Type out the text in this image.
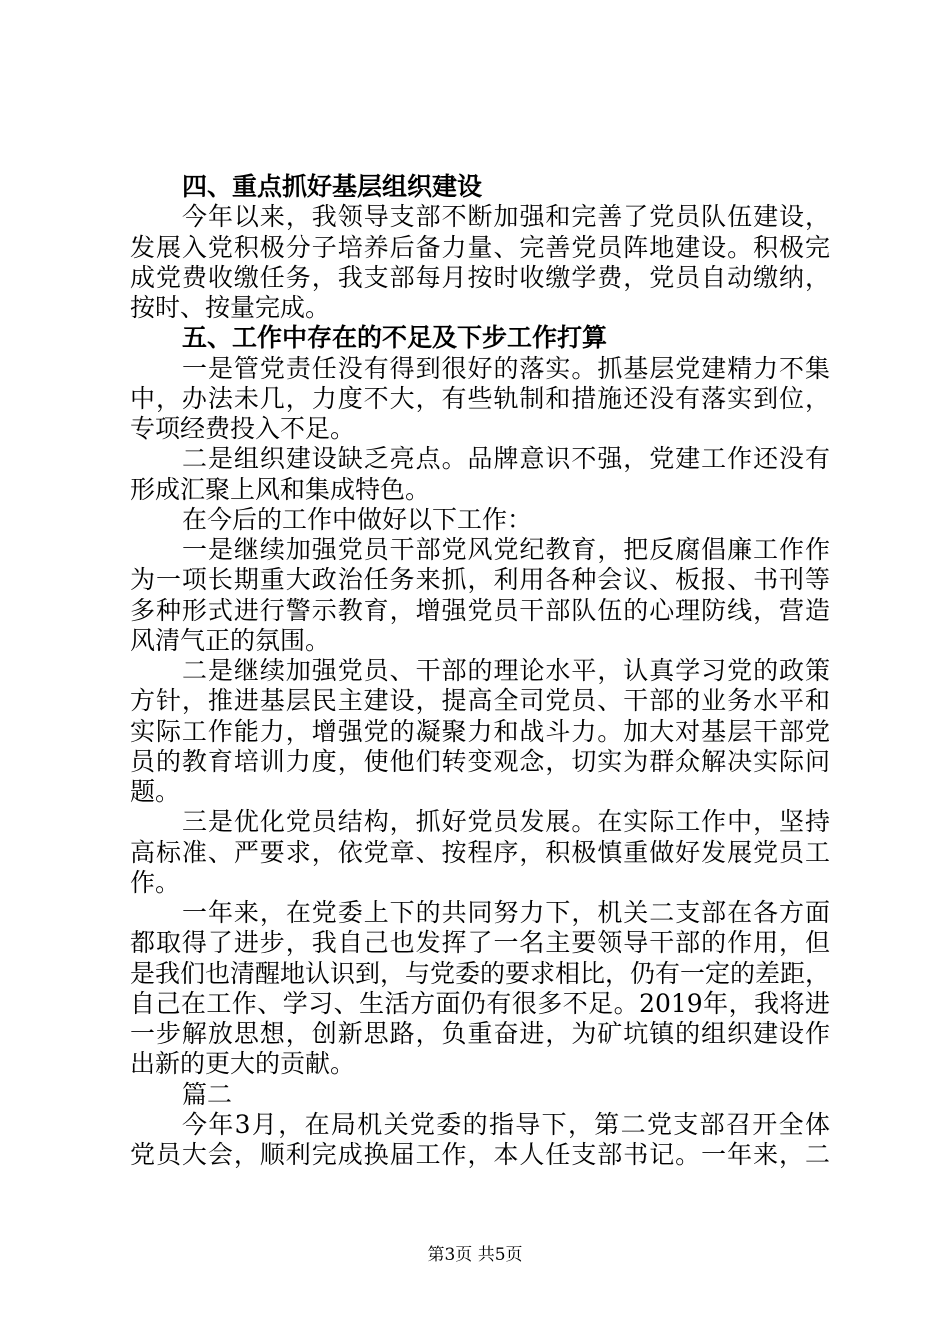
四、重点抓好基层组织建设
今年以来，我领导支部不断加强和完善了党员队伍建设，
发展入党积极分子培养后备力量、完善党员阵地建设。积极完
成党费收缴任务，我支部每月按时收缴学费，党员自动缴纳，
按时、按量完成。
五、工作中存在的不足及下步工作打算
一是管党责任没有得到很好的落实。抓基层党建精力不集
中，办法未几，力度不大，有些轨制和措施还没有落实到位，
专项经费投入不足。
二是组织建设缺乏亮点。品牌意识不强，党建工作还没有
形成汇聚上风和集成特色。
在今后的工作中做好以下工作：
一是继续加强党员干部党风党纪教育，把反腐倡廉工作作
为一项长期重大政治任务来抓，利用各种会议、板报、书刊等
多种形式进行警示教育，增强党员干部队伍的心理防线，营造
风清气正的氛围。
二是继续加强党员、干部的理论水平，认真学习党的政策
方针，推进基层民主建设，提高全司党员、干部的业务水平和
实际工作能力，增强党的凝聚力和战斗力。加大对基层干部党
员的教育培训力度，使他们转变观念，切实为群众解决实际问
题。
三是优化党员结构，抓好党员发展。在实际工作中，坚持
高标准、严要求，依党章、按程序，积极慎重做好发展党员工
作。
一年来，在党委上下的共同努力下，机关二支部在各方面
都取得了进步，我自己也发挥了一名主要领导干部的作用，但
是我们也清醒地认识到，与党委的要求相比，仍有一定的差距，
自己在工作、学习、生活方面仍有很多不足。2019年，我将进
一步解放思想，创新思路，负重奋进，为矿坑镇的组织建设作
出新的更大的贡献。
篇二
今年3月，在局机关党委的指导下，第二党支部召开全体
党员大会，顺利完成换届工作，本人任支部书记。一年来，二
第3页 共5页
